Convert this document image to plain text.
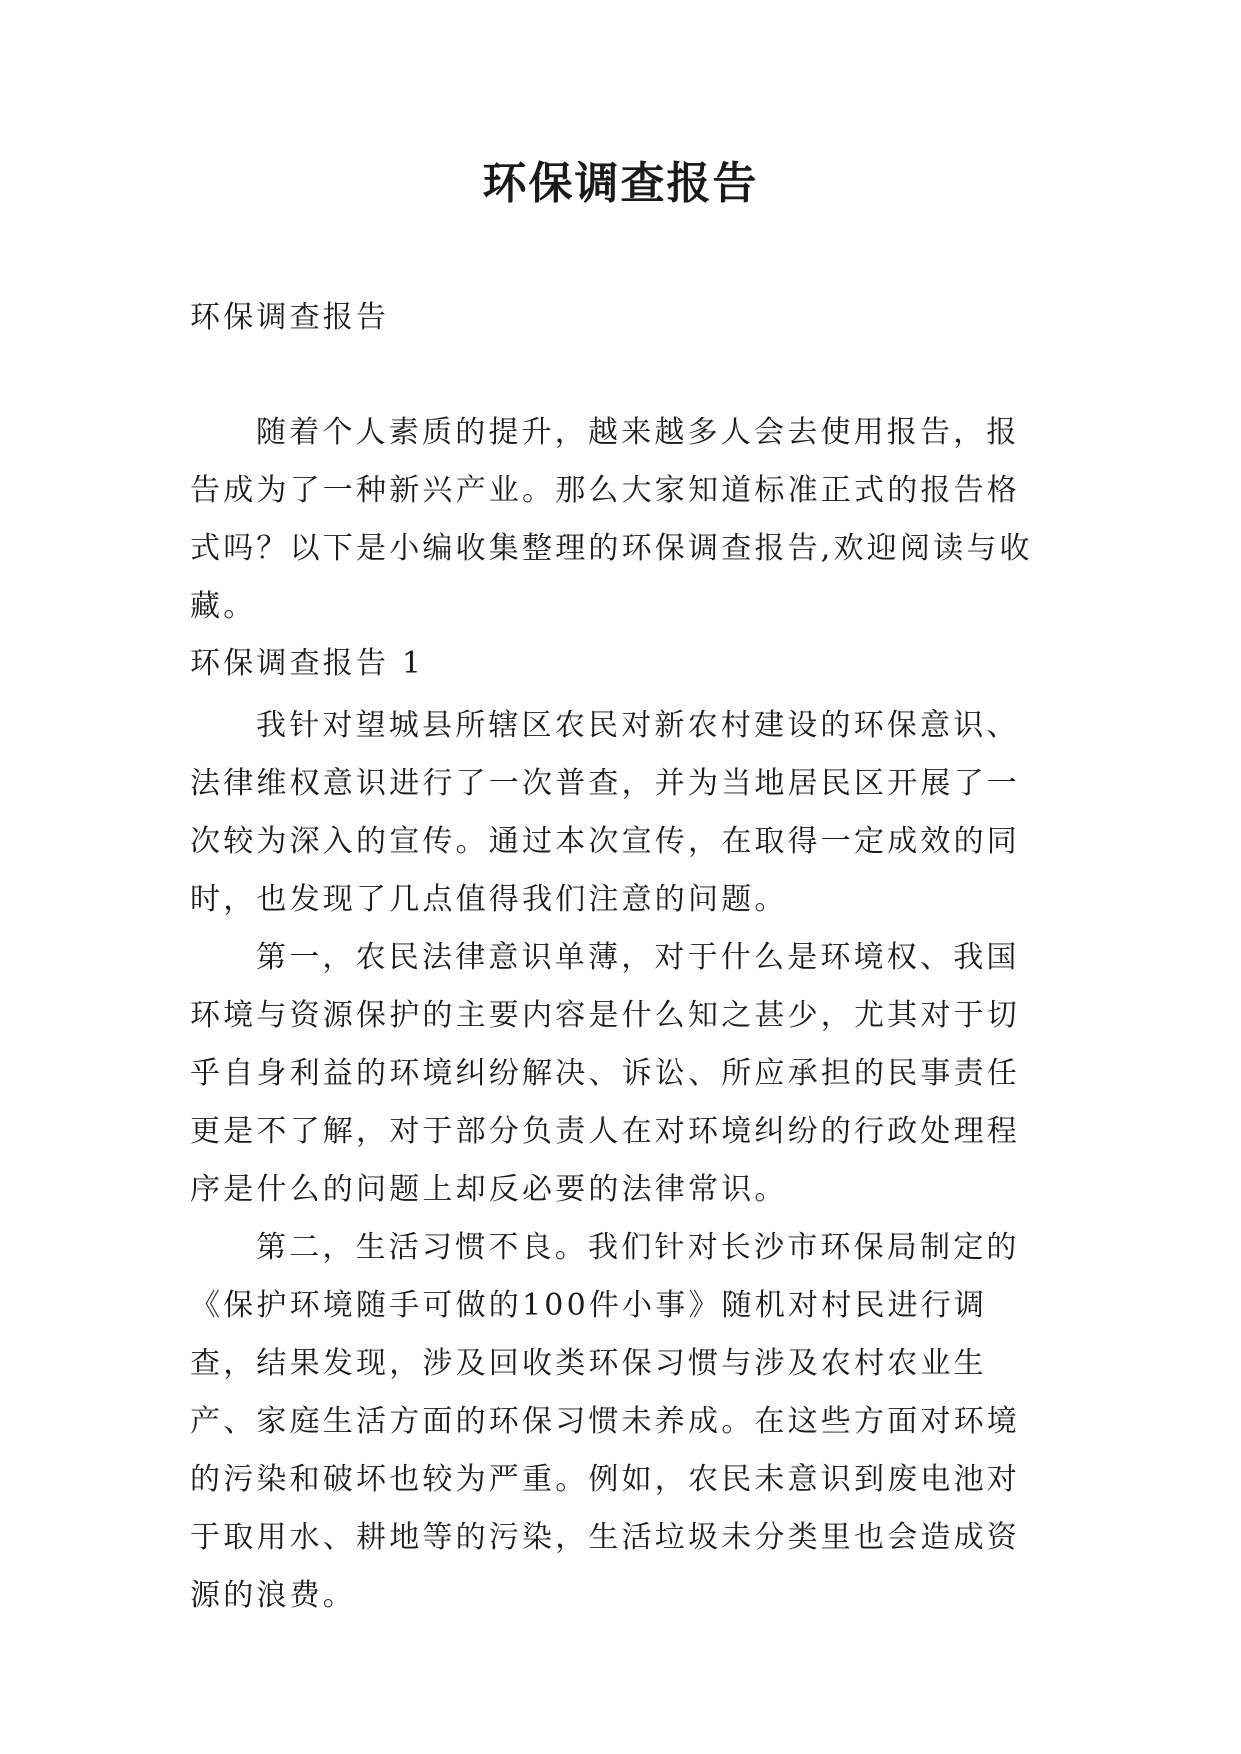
环保调查报告
环保调查报告

随着个人素质的提升，越来越多人会去使用报告，报告成为了一种新兴产业。那么大家知道标准正式的报告格式吗？以下是小编收集整理的环保调查报告,欢迎阅读与收藏。

环保调查报告 1

我针对望城县所辖区农民对新农村建设的环保意识、法律维权意识进行了一次普查，并为当地居民区开展了一次较为深入的宣传。通过本次宣传，在取得一定成效的同时，也发现了几点值得我们注意的问题。

第一，农民法律意识单薄，对于什么是环境权、我国环境与资源保护的主要内容是什么知之甚少，尤其对于切乎自身利益的环境纠纷解决、诉讼、所应承担的民事责任更是不了解，对于部分负责人在对环境纠纷的行政处理程序是什么的问题上却反必要的法律常识。

第二，生活习惯不良。我们针对长沙市环保局制定的《保护环境随手可做的100件小事》随机对村民进行调查，结果发现，涉及回收类环保习惯与涉及农村农业生产、家庭生活方面的环保习惯未养成。在这些方面对环境的污染和破坏也较为严重。例如，农民未意识到废电池对于取用水、耕地等的污染，生活垃圾未分类里也会造成资源的浪费。
